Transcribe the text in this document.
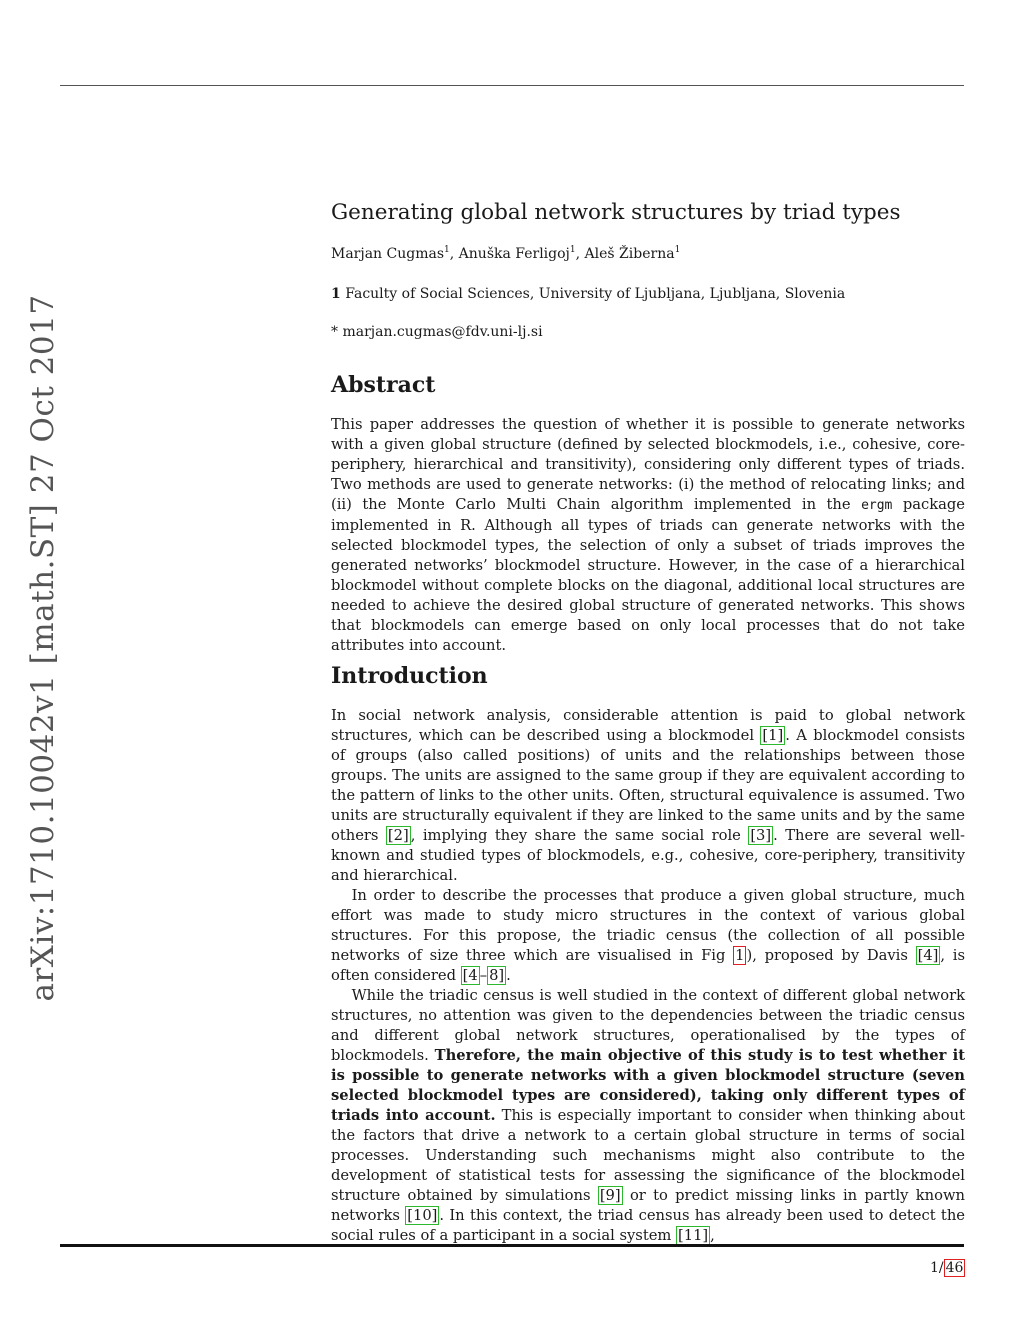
arXiv:1710.10042v1 [math.ST] 27 Oct 2017
Generating global network structures by triad types
Marjan Cugmas$^1$, Anuška Ferligoj$^1$, Aleš Žiberna$^1$
1 Faculty of Social Sciences, University of Ljubljana, Ljubljana, Slovenia
* marjan.cugmas@fdv.uni-lj.si
Abstract

This paper addresses the question of whether it is possible to generate networks with a given global structure (defined by selected blockmodels, i.e., cohesive, core-periphery, hierarchical and transitivity), considering only different types of triads. Two methods are used to generate networks: (i) the method of relocating links; and (ii) the Monte Carlo Multi Chain algorithm implemented in the ergm package implemented in R. Although all types of triads can generate networks with the selected blockmodel types, the selection of only a subset of triads improves the generated networks’ blockmodel structure. However, in the case of a hierarchical blockmodel without complete blocks on the diagonal, additional local structures are needed to achieve the desired global structure of generated networks. This shows that blockmodels can emerge based on only local processes that do not take attributes into account.

Introduction

In social network analysis, considerable attention is paid to global network structures, which can be described using a blockmodel [1] . A blockmodel consists of groups (also called positions) of units and the relationships between those groups. The units are assigned to the same group if they are equivalent according to the pattern of links to the other units. Often, structural equivalence is assumed. Two units are structurally equivalent if they are linked to the same units and by the same others [2] , implying they share the same social role [3] . There are several well-known and studied types of blockmodels, e.g., cohesive, core-periphery, transitivity and hierarchical.

In order to describe the processes that produce a given global structure, much effort was made to study micro structures in the context of various global structures. For this propose, the triadic census (the collection of all possible networks of size three which are visualised in Fig 1 ), proposed by Davis [4] , is often considered [4 – 8] .

While the triadic census is well studied in the context of different global network structures, no attention was given to the dependencies between the triadic census and different global network structures, operationalised by the types of blockmodels. Therefore, the main objective of this study is to test whether it is possible to generate networks with a given blockmodel structure (seven selected blockmodel types are considered), taking only different types of triads into account. This is especially important to consider when thinking about the factors that drive a network to a certain global structure in terms of social processes. Understanding such mechanisms might also contribute to the development of statistical tests for assessing the significance of the blockmodel structure obtained by simulations [9] or to predict missing links in partly known networks [10] . In this context, the triad census has already been used to detect the social rules of a participant in a social system [11] ,

1/ 46
